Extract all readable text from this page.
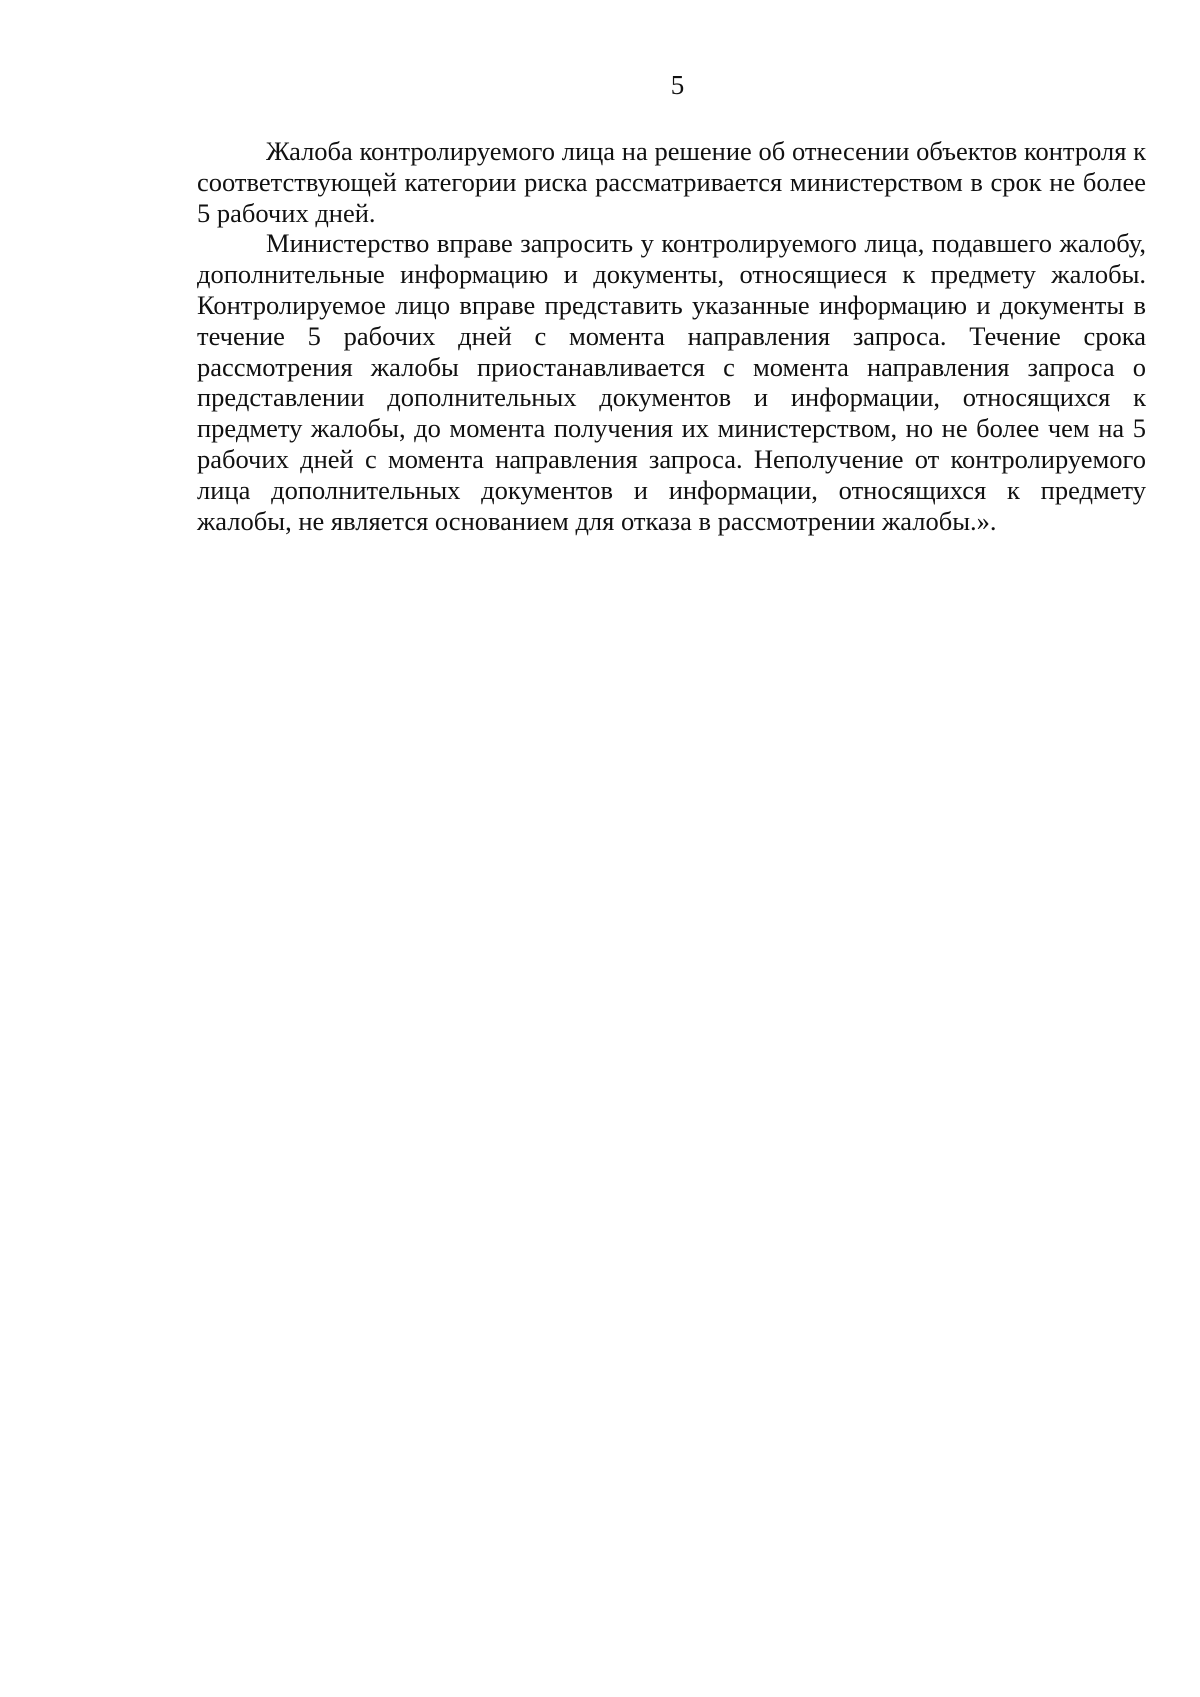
5

Жалоба контролируемого лица на решение об отнесении объектов контроля к соответствующей категории риска рассматривается министерством в срок не более 5 рабочих дней.

Министерство вправе запросить у контролируемого лица, подавшего жалобу, дополнительные информацию и документы, относящиеся к предмету жалобы. Контролируемое лицо вправе представить указанные информацию и документы в течение 5 рабочих дней с момента направления запроса. Течение срока рассмотрения жалобы приостанавливается с момента направления запроса о представлении дополнительных документов и информации, относящихся к предмету жалобы, до момента получения их министерством, но не более чем на 5 рабочих дней с момента направления запроса. Неполучение от контролируемого лица дополнительных документов и информации, относящихся к предмету жалобы, не является основанием для отказа в рассмотрении жалобы.».
